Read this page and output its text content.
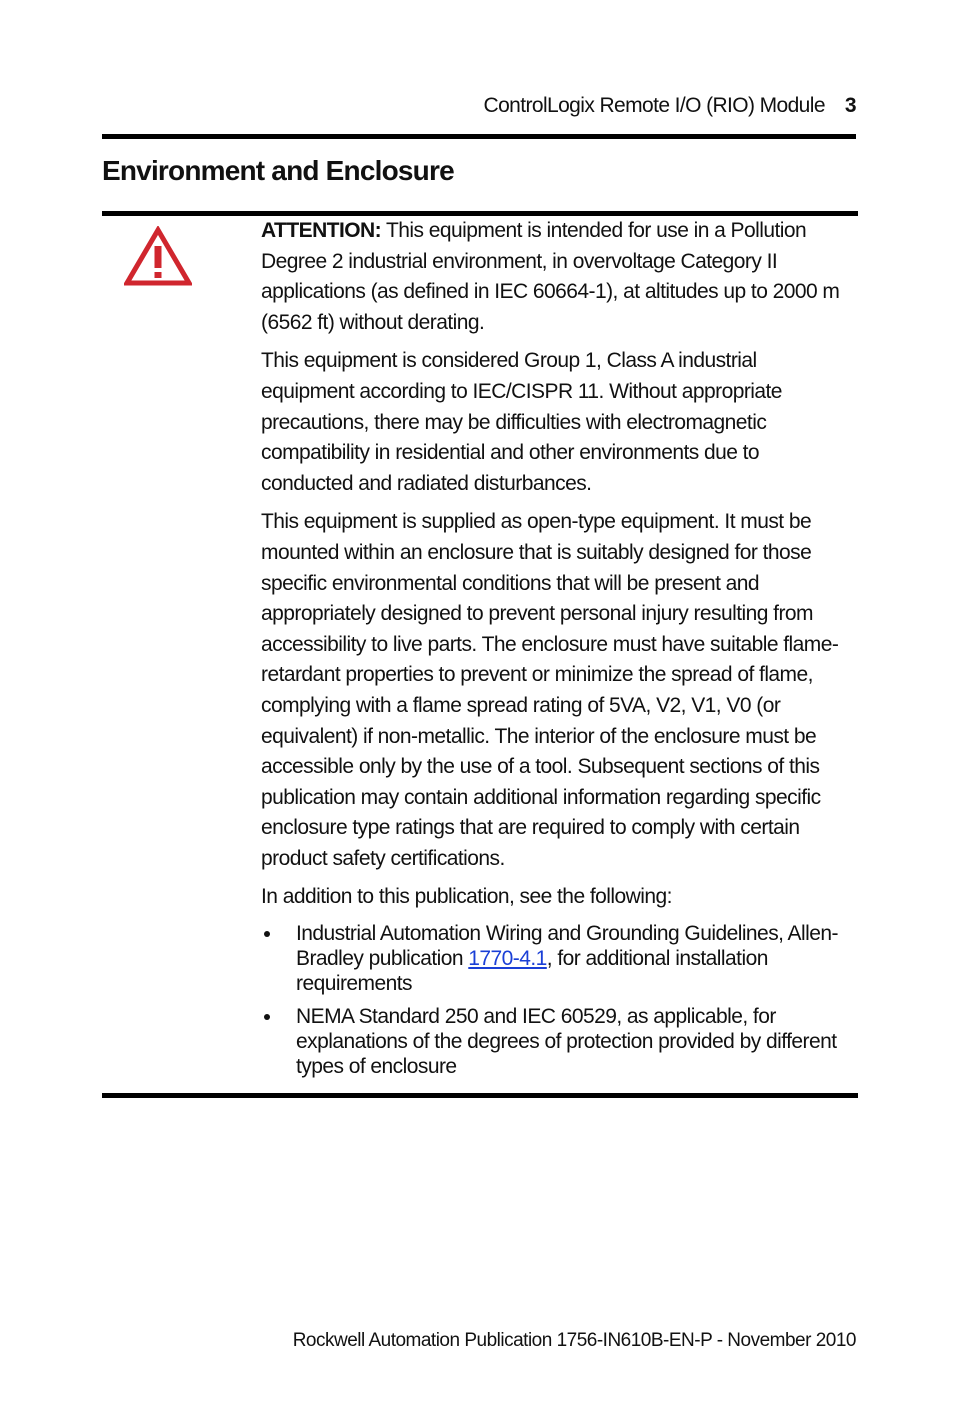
ControlLogix Remote I/O (RIO) Module 3
Environment and Enclosure

ATTENTION: This equipment is intended for use in a Pollution Degree 2 industrial environment, in overvoltage Category II applications (as defined in IEC 60664-1), at altitudes up to 2000 m (6562 ft) without derating.

This equipment is considered Group 1, Class A industrial equipment according to IEC/CISPR 11. Without appropriate precautions, there may be difficulties with electromagnetic compatibility in residential and other environments due to conducted and radiated disturbances.

This equipment is supplied as open-type equipment. It must be mounted within an enclosure that is suitably designed for those specific environmental conditions that will be present and appropriately designed to prevent personal injury resulting from accessibility to live parts. The enclosure must have suitable flame-retardant properties to prevent or minimize the spread of flame, complying with a flame spread rating of 5VA, V2, V1, V0 (or equivalent) if non-metallic. The interior of the enclosure must be accessible only by the use of a tool. Subsequent sections of this publication may contain additional information regarding specific enclosure type ratings that are required to comply with certain product safety certifications.

In addition to this publication, see the following:

Industrial Automation Wiring and Grounding Guidelines, Allen-Bradley publication 1770-4.1, for additional installation requirements
NEMA Standard 250 and IEC 60529, as applicable, for explanations of the degrees of protection provided by different types of enclosure
Rockwell Automation Publication 1756-IN610B-EN-P - November 2010
